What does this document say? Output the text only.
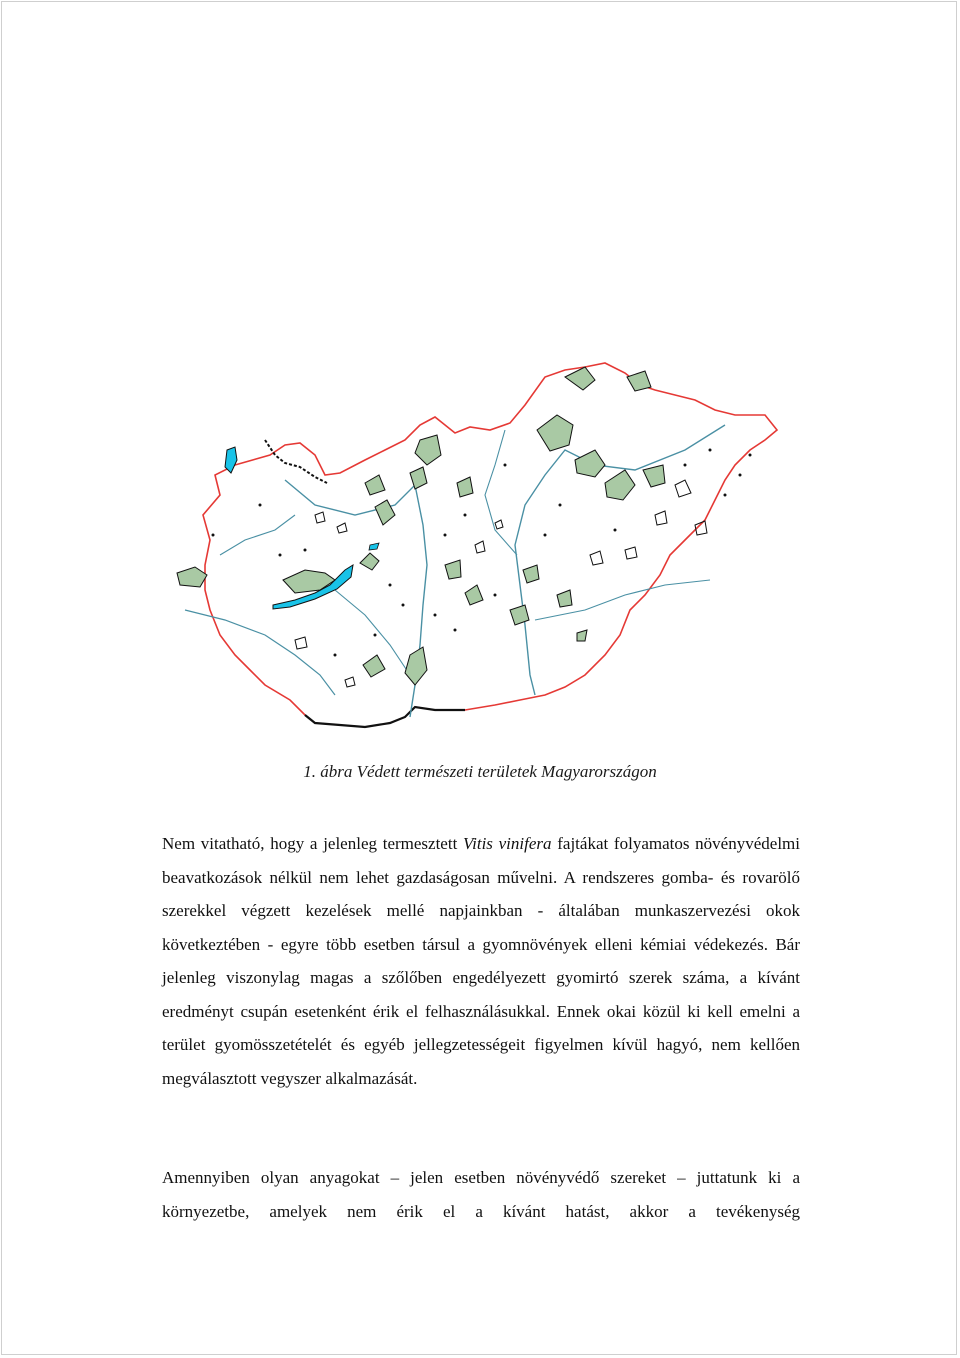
1. ábra Védett természeti területek Magyarországon
Nem vitatható, hogy a jelenleg termesztett Vitis vinifera fajtákat folyamatos növényvédelmi beavatkozások nélkül nem lehet gazdaságosan művelni. A rendszeres gomba- és rovarölő szerekkel végzett kezelések mellé napjainkban - általában munkaszervezési okok következtében - egyre több esetben társul a gyomnövények elleni kémiai védekezés. Bár jelenleg viszonylag magas a szőlőben engedélyezett gyomirtó szerek száma, a kívánt eredményt csupán esetenként érik el felhasználásukkal. Ennek okai közül ki kell emelni a terület gyomösszetételét és egyéb jellegzetességeit figyelmen kívül hagyó, nem kellően megválasztott vegyszer alkalmazását.
Amennyiben olyan anyagokat – jelen esetben növényvédő szereket – juttatunk ki a környezetbe, amelyek nem érik el a kívánt hatást, akkor a tevékenység
